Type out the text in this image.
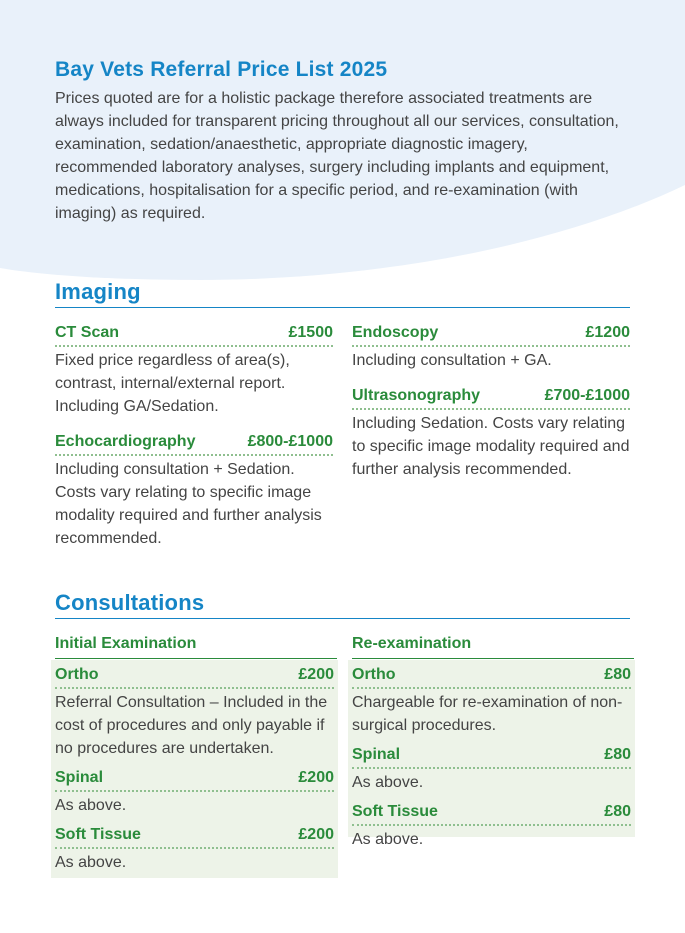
Bay Vets Referral Price List 2025
Prices quoted are for a holistic package therefore associated treatments are always included for transparent pricing throughout all our services, consultation, examination, sedation/anaesthetic, appropriate diagnostic imagery, recommended laboratory analyses, surgery including implants and equipment, medications, hospitalisation for a specific period, and re-examination (with imaging) as required.
Imaging
CT Scan	£1500
Fixed price regardless of area(s), contrast, internal/external report. Including GA/Sedation.
Echocardiography	£800-£1000
Including consultation + Sedation. Costs vary relating to specific image modality required and further analysis recommended.
Endoscopy	£1200
Including consultation + GA.
Ultrasonography	£700-£1000
Including Sedation. Costs vary relating to specific image modality required and further analysis recommended.
Consultations
Initial Examination
Ortho	£200
Referral Consultation – Included in the cost of procedures and only payable if no procedures are undertaken.
Spinal	£200
As above.
Soft Tissue	£200
As above.
Re-examination
Ortho	£80
Chargeable for re-examination of non-surgical procedures.
Spinal	£80
As above.
Soft Tissue	£80
As above.
